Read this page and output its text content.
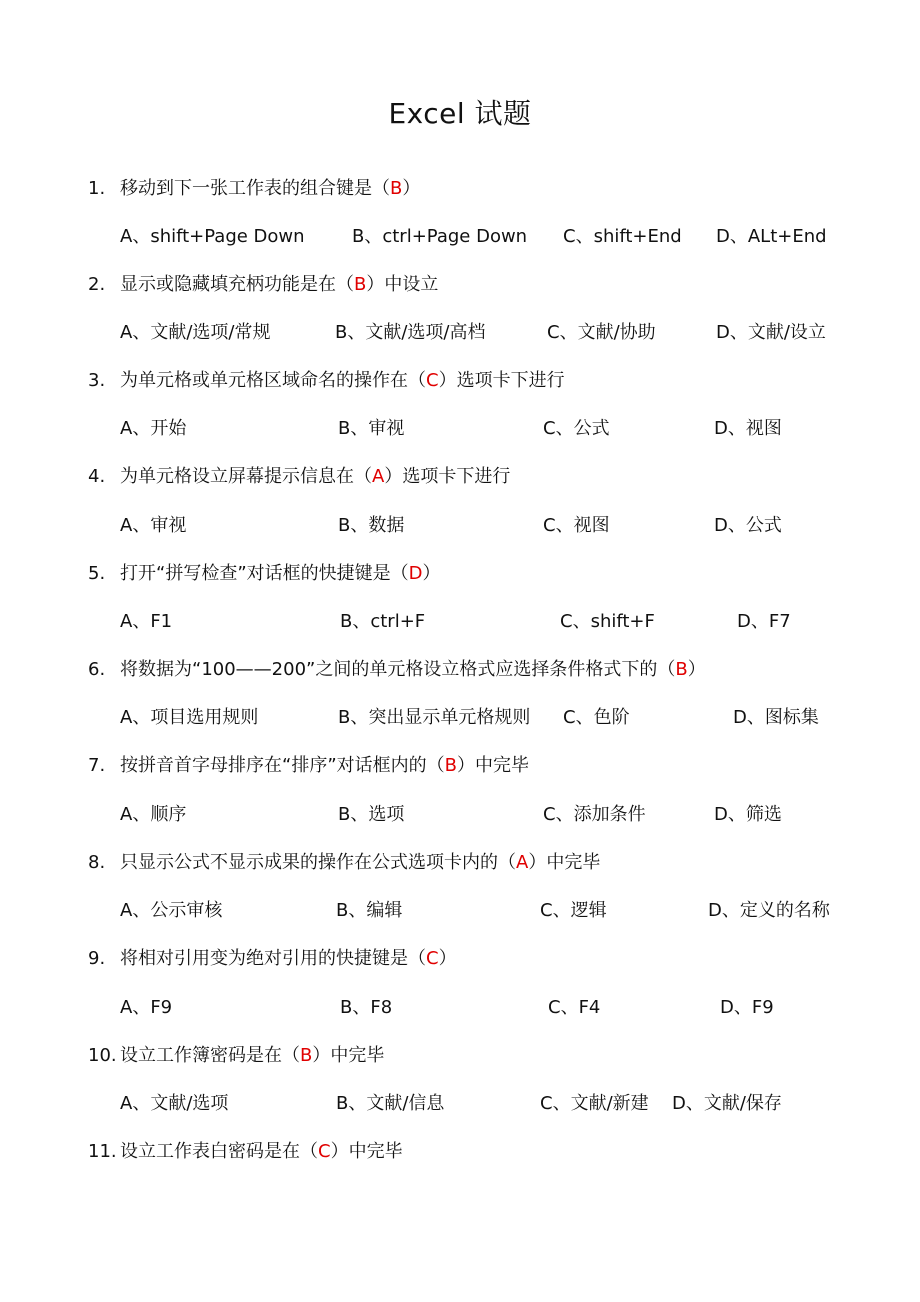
Excel 试题
1. 移动到下一张工作表的组合键是（B）
A、shift+Page Down	B、ctrl+Page Down C、shift+End D、ALt+End
2. 显示或隐藏填充柄功能是在（B）中设立
A、文献/选项/常规	B、文献/选项/高档	C、文献/协助	D、文献/设立
3. 为单元格或单元格区域命名的操作在（C）选项卡下进行
A、开始	B、审视	C、公式	D、视图
4. 为单元格设立屏幕提示信息在（A）选项卡下进行
A、审视	B、数据	C、视图	D、公式
5. 打开“拼写检查”对话框的快捷键是（D）
A、F1	B、ctrl+F	C、shift+F	D、F7
6. 将数据为“100——200”之间的单元格设立格式应选择条件格式下的（B）
A、项目选用规则	B、突出显示单元格规则 C、色阶	D、图标集
7. 按拼音首字母排序在“排序”对话框内的（B）中完毕
A、顺序	B、选项	C、添加条件	D、筛选
8. 只显示公式不显示成果的操作在公式选项卡内的（A）中完毕
A、公示审核	B、编辑	C、逻辑	D、定义的名称
9. 将相对引用变为绝对引用的快捷键是（C）
A、F9	B、F8	C、F4	D、F9
10. 设立工作簿密码是在（B）中完毕
A、文献/选项	B、文献/信息	C、文献/新建 D、文献/保存
11. 设立工作表白密码是在（C）中完毕
